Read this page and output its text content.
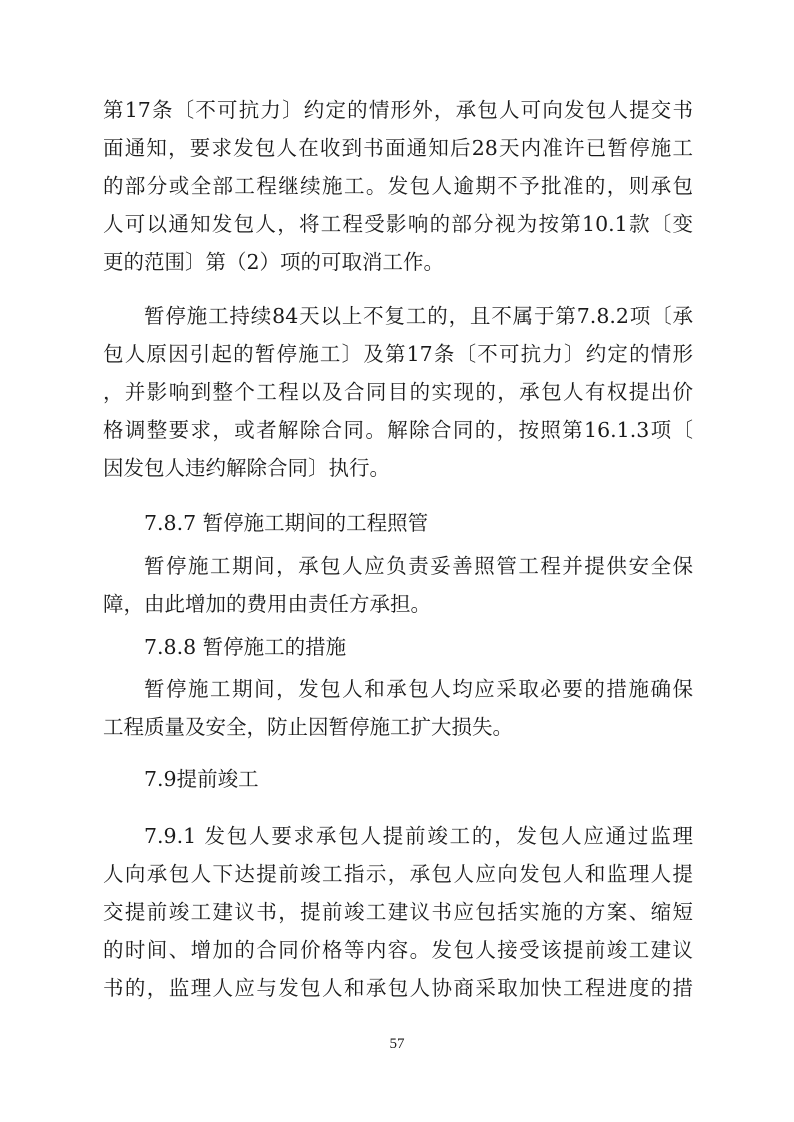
第17条〔不可抗力〕约定的情形外，承包人可向发包人提交书
面通知，要求发包人在收到书面通知后28天内准许已暂停施工
的部分或全部工程继续施工。发包人逾期不予批准的，则承包
人可以通知发包人，将工程受影响的部分视为按第10.1款〔变
更的范围〕第（2）项的可取消工作。
暂停施工持续84天以上不复工的，且不属于第7.8.2项〔承
包人原因引起的暂停施工〕及第17条〔不可抗力〕约定的情形
，并影响到整个工程以及合同目的实现的，承包人有权提出价
格调整要求，或者解除合同。解除合同的，按照第16.1.3项〔
因发包人违约解除合同〕执行。
7.8.7 暂停施工期间的工程照管
暂停施工期间，承包人应负责妥善照管工程并提供安全保
障，由此增加的费用由责任方承担。
7.8.8 暂停施工的措施
暂停施工期间，发包人和承包人均应采取必要的措施确保
工程质量及安全，防止因暂停施工扩大损失。
7.9提前竣工
7.9.1 发包人要求承包人提前竣工的，发包人应通过监理
人向承包人下达提前竣工指示，承包人应向发包人和监理人提
交提前竣工建议书，提前竣工建议书应包括实施的方案、缩短
的时间、增加的合同价格等内容。发包人接受该提前竣工建议
书的，监理人应与发包人和承包人协商采取加快工程进度的措
57
